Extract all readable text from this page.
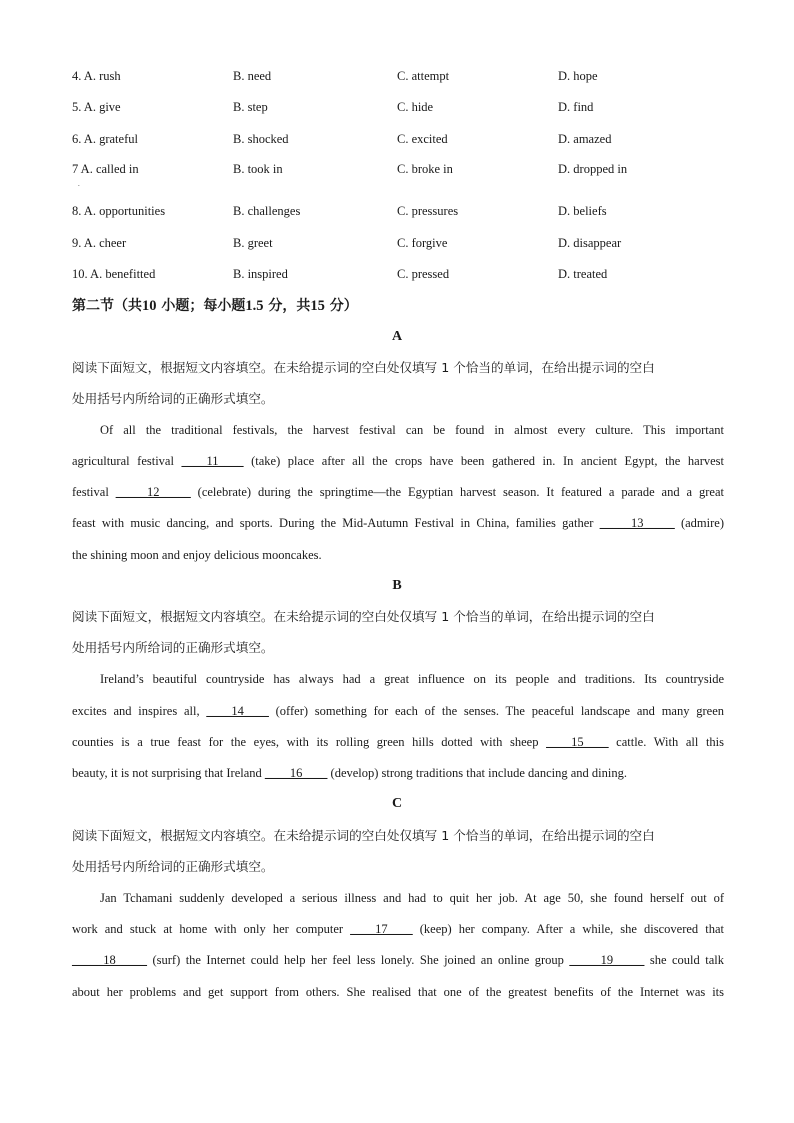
4. A. rush	B. need	C. attempt	D. hope
5. A. give	B. step	C. hide	D. find
6. A. grateful	B. shocked	C. excited	D. amazed
7 A. called in	B. took in	C. broke in	D. dropped in
.
8. A. opportunities	B. challenges	C. pressures	D. beliefs
9. A. cheer	B. greet	C. forgive	D. disappear
10. A. benefitted	B. inspired	C. pressed	D. treated
第二节（共10 小题；每小题1.5 分，共15 分）
A
阅读下面短文，根据短文内容填空。在未给提示词的空白处仅填写 1 个恰当的单词，在给出提示词的空白
处用括号内所给词的正确形式填空。
Of all the traditional festivals, the harvest festival can be found in almost every culture. This important
agricultural festival ____11____ (take) place after all the crops have been gathered in. In ancient Egypt, the harvest
festival _____12_____ (celebrate) during the springtime—the Egyptian harvest season. It featured a parade and a great
feast with music dancing, and sports. During the Mid-Autumn Festival in China, families gather _____13_____ (admire)
the shining moon and enjoy delicious mooncakes.
B
阅读下面短文，根据短文内容填空。在未给提示词的空白处仅填写 1 个恰当的单词，在给出提示词的空白
处用括号内所给词的正确形式填空。
Ireland’s beautiful countryside has always had a great influence on its people and traditions. Its countryside
excites and inspires all, ____14____ (offer) something for each of the senses. The peaceful landscape and many green
counties is a true feast for the eyes, with its rolling green hills dotted with sheep ____15____ cattle. With all this
beauty, it is not surprising that Ireland ____16____ (develop) strong traditions that include dancing and dining.
C
阅读下面短文，根据短文内容填空。在未给提示词的空白处仅填写 1 个恰当的单词，在给出提示词的空白
处用括号内所给词的正确形式填空。
Jan Tchamani suddenly developed a serious illness and had to quit her job. At age 50, she found herself out of
work and stuck at home with only her computer ____17____ (keep) her company. After a while, she discovered that
_____18_____ (surf) the Internet could help her feel less lonely. She joined an online group _____19_____ she could talk
about her problems and get support from others. She realised that one of the greatest benefits of the Internet was its
